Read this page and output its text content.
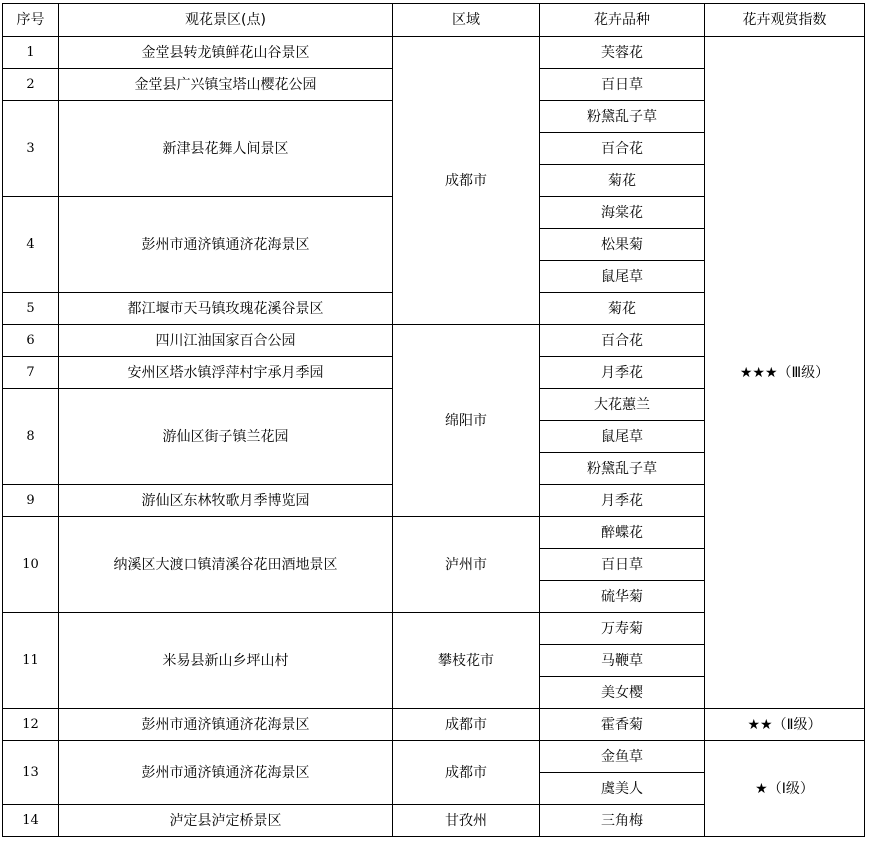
序号	观花景区(点)	区域	花卉品种	花卉观赏指数
1	金堂县转龙镇鲜花山谷景区	成都市	芙蓉花	★★★（Ⅲ级）
2	金堂县广兴镇宝塔山樱花公园		百日草	
3	新津县花舞人间景区		粉黛乱子草	
			百合花	
			菊花	
4	彭州市通济镇通济花海景区		海棠花	
			松果菊	
			鼠尾草	
5	都江堰市天马镇玫瑰花溪谷景区		菊花	
6	四川江油国家百合公园	绵阳市	百合花	
7	安州区塔水镇浮萍村宇承月季园		月季花	
8	游仙区街子镇兰花园		大花蕙兰	
			鼠尾草	
			粉黛乱子草	
9	游仙区东林牧歌月季博览园		月季花	
10	纳溪区大渡口镇清溪谷花田酒地景区	泸州市	醉蝶花	
			百日草	
			硫华菊	
11	米易县新山乡坪山村	攀枝花市	万寿菊	
			马鞭草	
			美女樱	
12	彭州市通济镇通济花海景区	成都市	霍香菊	★★（Ⅱ级）
13	彭州市通济镇通济花海景区	成都市	金鱼草	★（Ⅰ级）
			虞美人	
14	泸定县泸定桥景区	甘孜州	三角梅	
